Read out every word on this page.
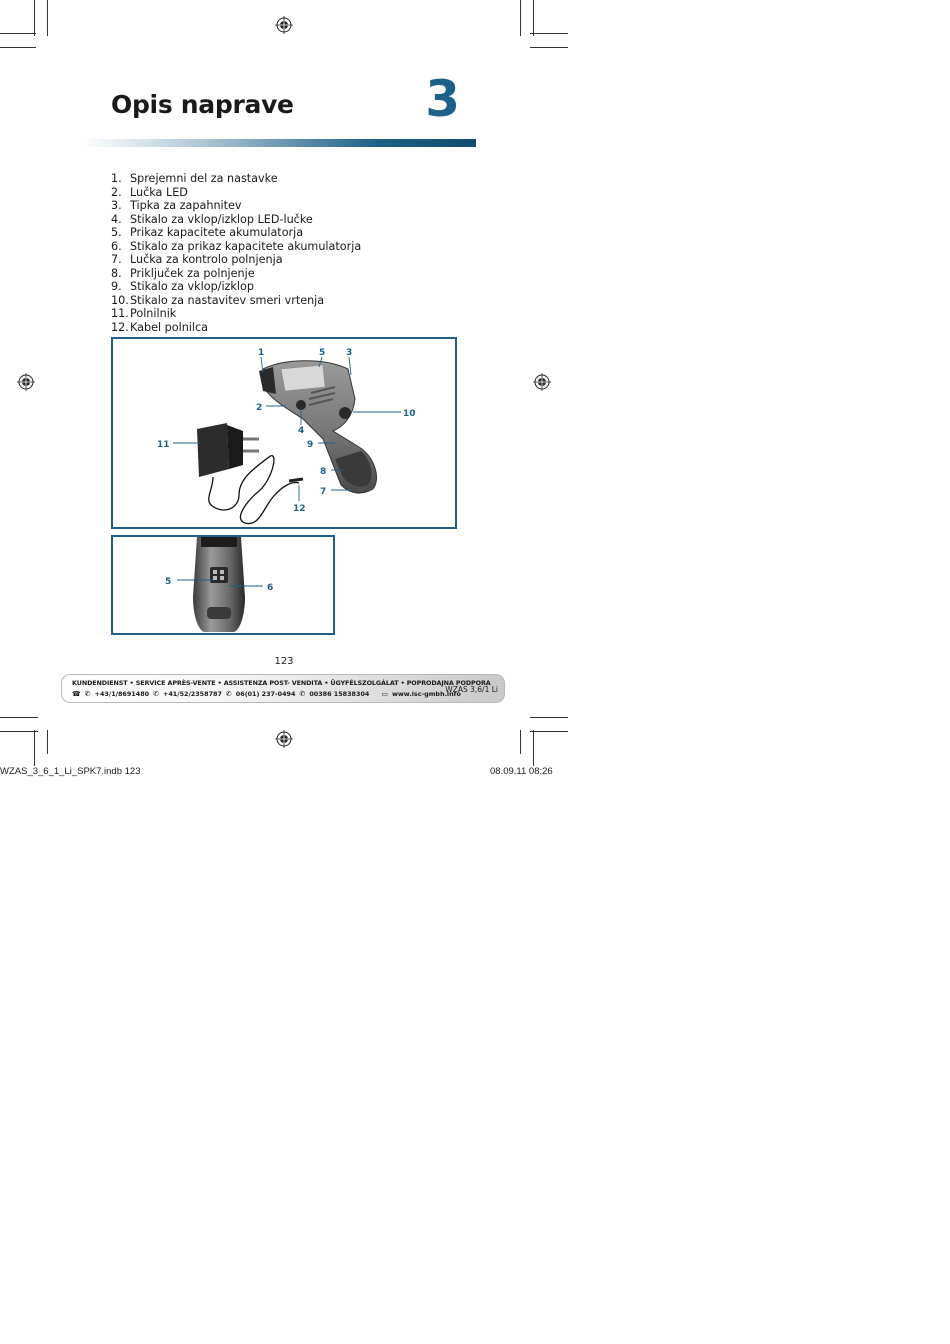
Opis naprave	3
1. Sprejemni del za nastavke
2. Lučka LED
3. Tipka za zapahnitev
4. Stikalo za vklop/izklop LED-lučke
5. Prikaz kapacitete akumulatorja
6. Stikalo za prikaz kapacitete akumulatorja
7. Lučka za kontrolo polnjenja
8. Priključek za polnjenje
9. Stikalo za vklop/izklop
10. Stikalo za nastavitev smeri vrtenja
11. Polnilnik
12. Kabel polnilca
1	5 3
2
10
4
9
11
8
7
12
5
6
123
KUNDENDIENST • SERVICE APRÈS-VENTE • ASSISTENZA POST- VENDITA • ÜGYFÉLSZOLGÁLAT • POPRODAJNA PODPORA
☎ ✆ +43/1/8691480 ✆ +41/52/2358787 ✆ 06(01) 237-0494 ✆ 00386 15838304 ▭ www.isc-gmbh.info
WZAS 3,6/1 Li
WZAS_3_6_1_Li_SPK7.indb 123	08.09.11 08:26
